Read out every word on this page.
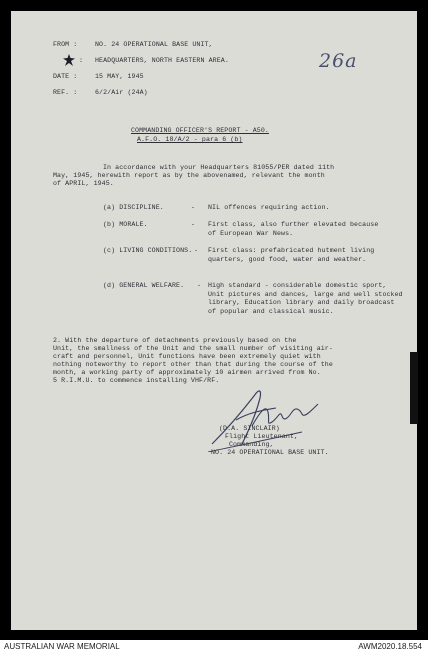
FROM :	NO. 24 OPERATIONAL BASE UNIT,
: HEADQUARTERS, NORTH EASTERN AREA.
DATE :	15 MAY, 1945
REF. :	6/2/Air (24A)
26a
COMMANDING OFFICER'S REPORT - A50.
A.F.O. 18/A/2 - para 6 (b)
In accordance with your Headquarters 81055/PER dated 11th
May, 1945, herewith report as by the abovenamed, relevant the month
of APRIL, 1945.
(a) DISCIPLINE.	- NIL offences requiring action.
(b) MORALE.	- First class, also further elevated because of European War News.
(c) LIVING CONDITIONS. - First class: prefabricated hutment living quarters, good food, water and weather.
(d) GENERAL WELFARE. - High standard - considerable domestic sport, Unit pictures and dances, large and well stocked library, Education library and daily broadcast of popular and classical music.
2. With the departure of detachments previously based on the
Unit, the smallness of the Unit and the small number of visiting air-
craft and personnel, Unit functions have been extremely quiet with
nothing noteworthy to report other than that during the course of the
month, a working party of approximately 10 airmen arrived from No.
5 R.I.M.U. to commence installing VHF/RF.
(D.A. SINCLAIR)
Flight Lieutenant,
Commanding,
NO. 24 OPERATIONAL BASE UNIT.
AUSTRALIAN WAR MEMORIAL	AWM2020.18.554
